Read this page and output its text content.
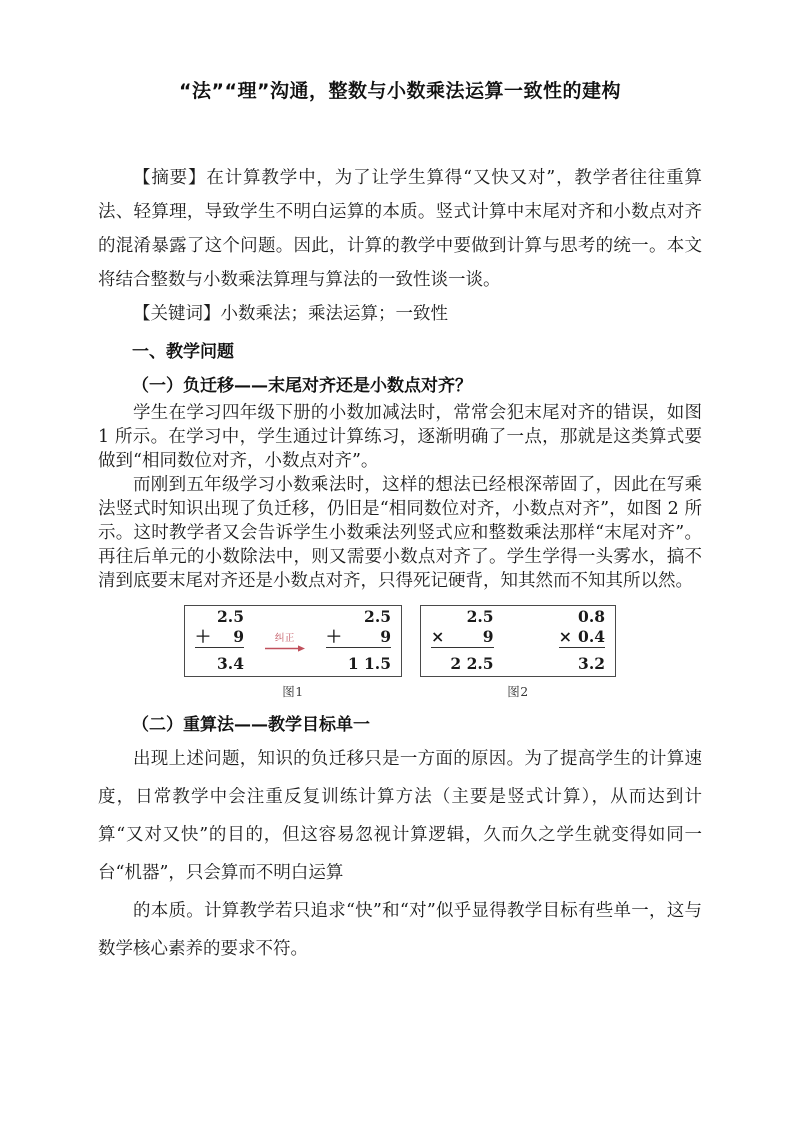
“法”“理”沟通，整数与小数乘法运算一致性的建构

【摘要】在计算教学中，为了让学生算得“又快又对”，教学者往往重算法、轻算理，导致学生不明白运算的本质。竖式计算中末尾对齐和小数点对齐的混淆暴露了这个问题。因此，计算的教学中要做到计算与思考的统一。本文将结合整数与小数乘法算理与算法的一致性谈一谈。

【关键词】小数乘法；乘法运算；一致性

一、教学问题
（一）负迁移——末尾对齐还是小数点对齐？

学生在学习四年级下册的小数加减法时，常常会犯末尾对齐的错误，如图 1 所示。在学习中，学生通过计算练习，逐渐明确了一点，那就是这类算式要做到“相同数位对齐，小数点对齐”。

而刚到五年级学习小数乘法时，这样的想法已经根深蒂固了，因此在写乘法竖式时知识出现了负迁移，仍旧是“相同数位对齐，小数点对齐”，如图 2 所示。这时教学者又会告诉学生小数乘法列竖式应和整数乘法那样“末尾对齐”。再往后单元的小数除法中，则又需要小数点对齐了。学生学得一头雾水，搞不清到底要末尾对齐还是小数点对齐，只得死记硬背，知其然而不知其所以然。

	2.5
＋	9

	3.4
纠正
	2.5
＋	9

	1 1.5
图1
	2.5
×	9

	2 2.5
	0.8
×	0.4

	3.2
图2
（二）重算法——教学目标单一

出现上述问题，知识的负迁移只是一方面的原因。为了提高学生的计算速度，日常教学中会注重反复训练计算方法（主要是竖式计算），从而达到计算“又对又快”的目的，但这容易忽视计算逻辑，久而久之学生就变得如同一台“机器”，只会算而不明白运算

的本质。计算教学若只追求“快”和“对”似乎显得教学目标有些单一，这与数学核心素养的要求不符。
